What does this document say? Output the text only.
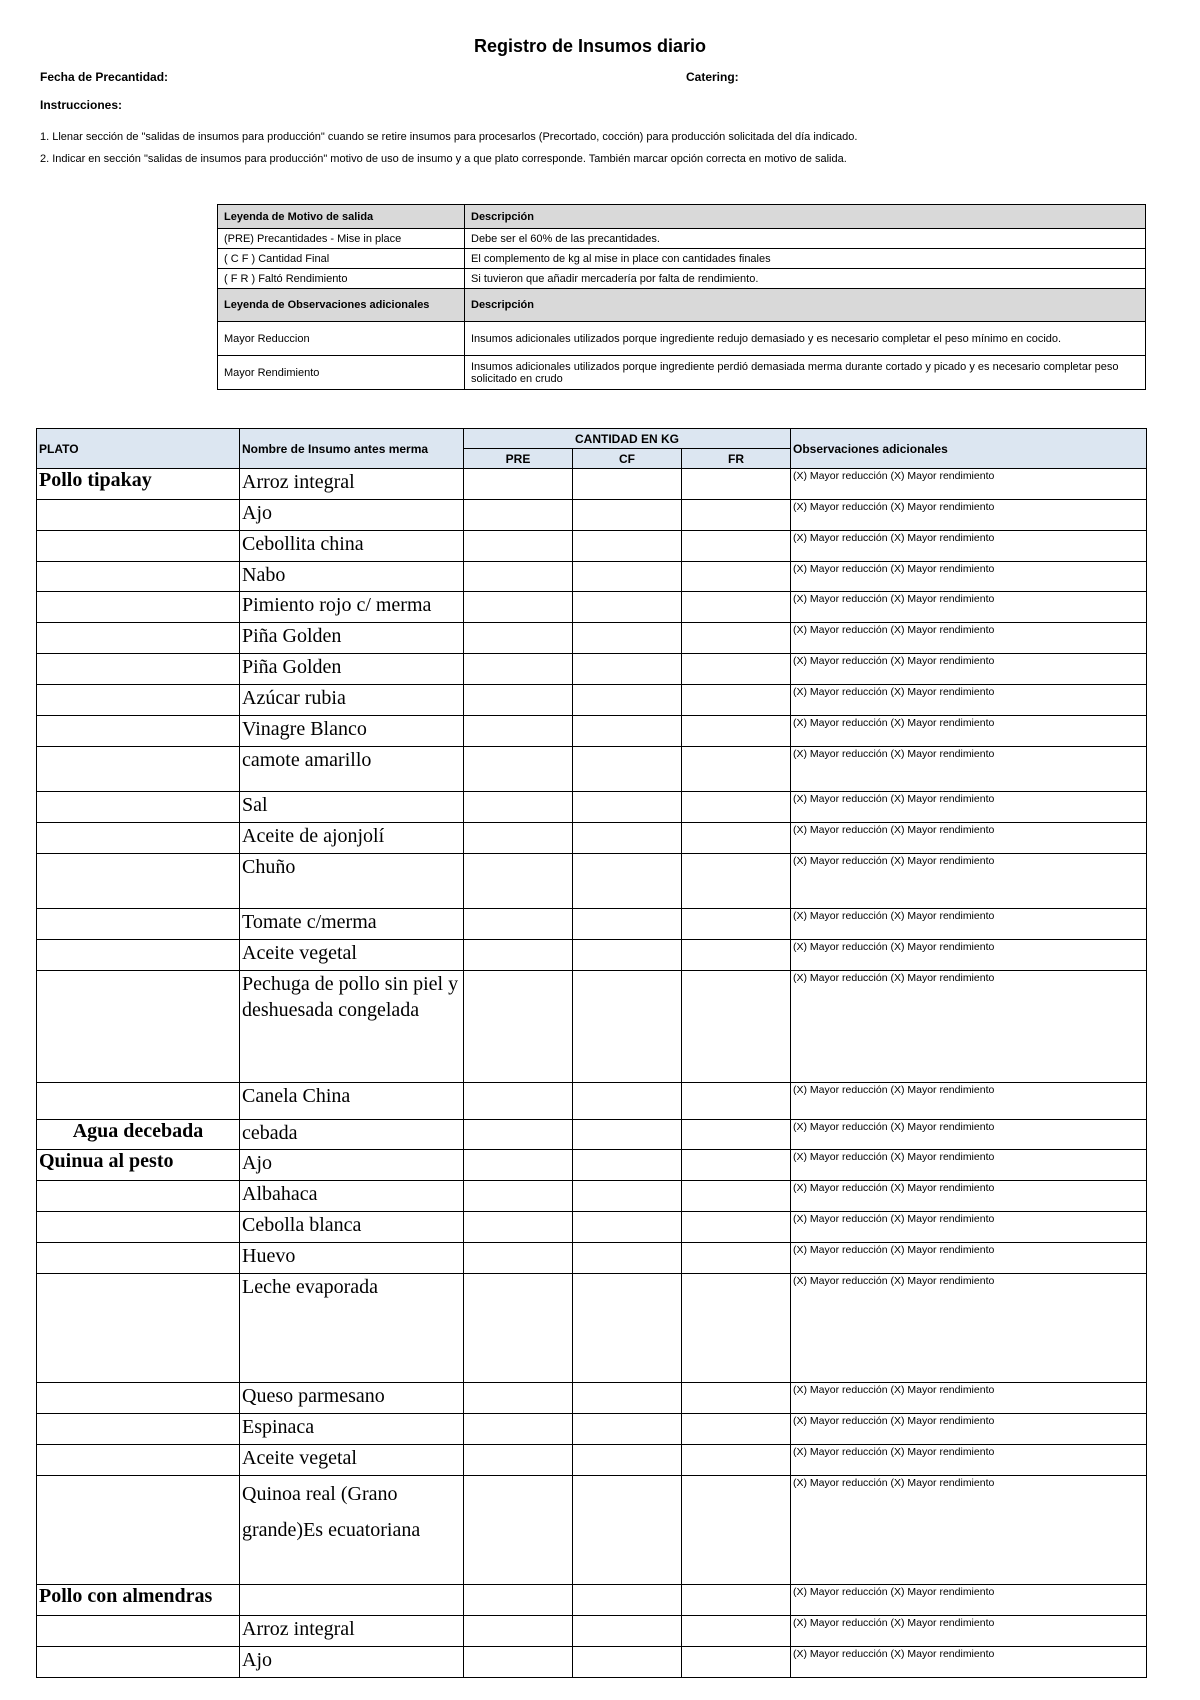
Registro de Insumos diario
Fecha de Precantidad:	Catering:
Instrucciones:
1. Llenar sección de "salidas de insumos para producción" cuando se retire insumos para procesarlos (Precortado, cocción) para producción solicitada del día indicado.
2. Indicar en sección "salidas de insumos para producción" motivo de uso de insumo y a que plato corresponde. También marcar opción correcta en motivo de salida.
Leyenda de Motivo de salida	Descripción
(PRE) Precantidades - Mise in place	Debe ser el 60% de las precantidades.
( C F ) Cantidad Final	El complemento de kg al mise in place con cantidades finales
( F R ) Faltó Rendimiento	Si tuvieron que añadir mercadería por falta de rendimiento.
Leyenda de Observaciones adicionales	Descripción
Mayor Reduccion	Insumos adicionales utilizados porque ingrediente redujo demasiado y es necesario completar el peso mínimo en cocido.
Mayor Rendimiento	Insumos adicionales utilizados porque ingrediente perdió demasiada merma durante cortado y picado y es necesario completar peso solicitado en crudo
PLATO	Nombre de Insumo antes merma	CANTIDAD EN KG			Observaciones adicionales
		PRE	CF	FR	
Pollo tipakay	Arroz integral				(X) Mayor reducción (X) Mayor rendimiento
	Ajo				(X) Mayor reducción (X) Mayor rendimiento
	Cebollita china				(X) Mayor reducción (X) Mayor rendimiento
	Nabo				(X) Mayor reducción (X) Mayor rendimiento
	Pimiento rojo c/ merma				(X) Mayor reducción (X) Mayor rendimiento
	Piña Golden				(X) Mayor reducción (X) Mayor rendimiento
	Piña Golden				(X) Mayor reducción (X) Mayor rendimiento
	Azúcar rubia				(X) Mayor reducción (X) Mayor rendimiento
	Vinagre Blanco				(X) Mayor reducción (X) Mayor rendimiento
	camote amarillo				(X) Mayor reducción (X) Mayor rendimiento
	Sal				(X) Mayor reducción (X) Mayor rendimiento
	Aceite de ajonjolí				(X) Mayor reducción (X) Mayor rendimiento
	Chuño				(X) Mayor reducción (X) Mayor rendimiento
	Tomate c/merma				(X) Mayor reducción (X) Mayor rendimiento
	Aceite vegetal				(X) Mayor reducción (X) Mayor rendimiento
	Pechuga de pollo sin piel y deshuesada congelada				(X) Mayor reducción (X) Mayor rendimiento
	Canela China				(X) Mayor reducción (X) Mayor rendimiento
Agua decebada	cebada				(X) Mayor reducción (X) Mayor rendimiento
Quinua al pesto	Ajo				(X) Mayor reducción (X) Mayor rendimiento
	Albahaca				(X) Mayor reducción (X) Mayor rendimiento
	Cebolla blanca				(X) Mayor reducción (X) Mayor rendimiento
	Huevo				(X) Mayor reducción (X) Mayor rendimiento
	Leche evaporada				(X) Mayor reducción (X) Mayor rendimiento
	Queso parmesano				(X) Mayor reducción (X) Mayor rendimiento
	Espinaca				(X) Mayor reducción (X) Mayor rendimiento
	Aceite vegetal				(X) Mayor reducción (X) Mayor rendimiento
	Quinoa real (Grano grande)Es ecuatoriana				(X) Mayor reducción (X) Mayor rendimiento
Pollo con almendras					(X) Mayor reducción (X) Mayor rendimiento
	Arroz integral				(X) Mayor reducción (X) Mayor rendimiento
	Ajo				(X) Mayor reducción (X) Mayor rendimiento
